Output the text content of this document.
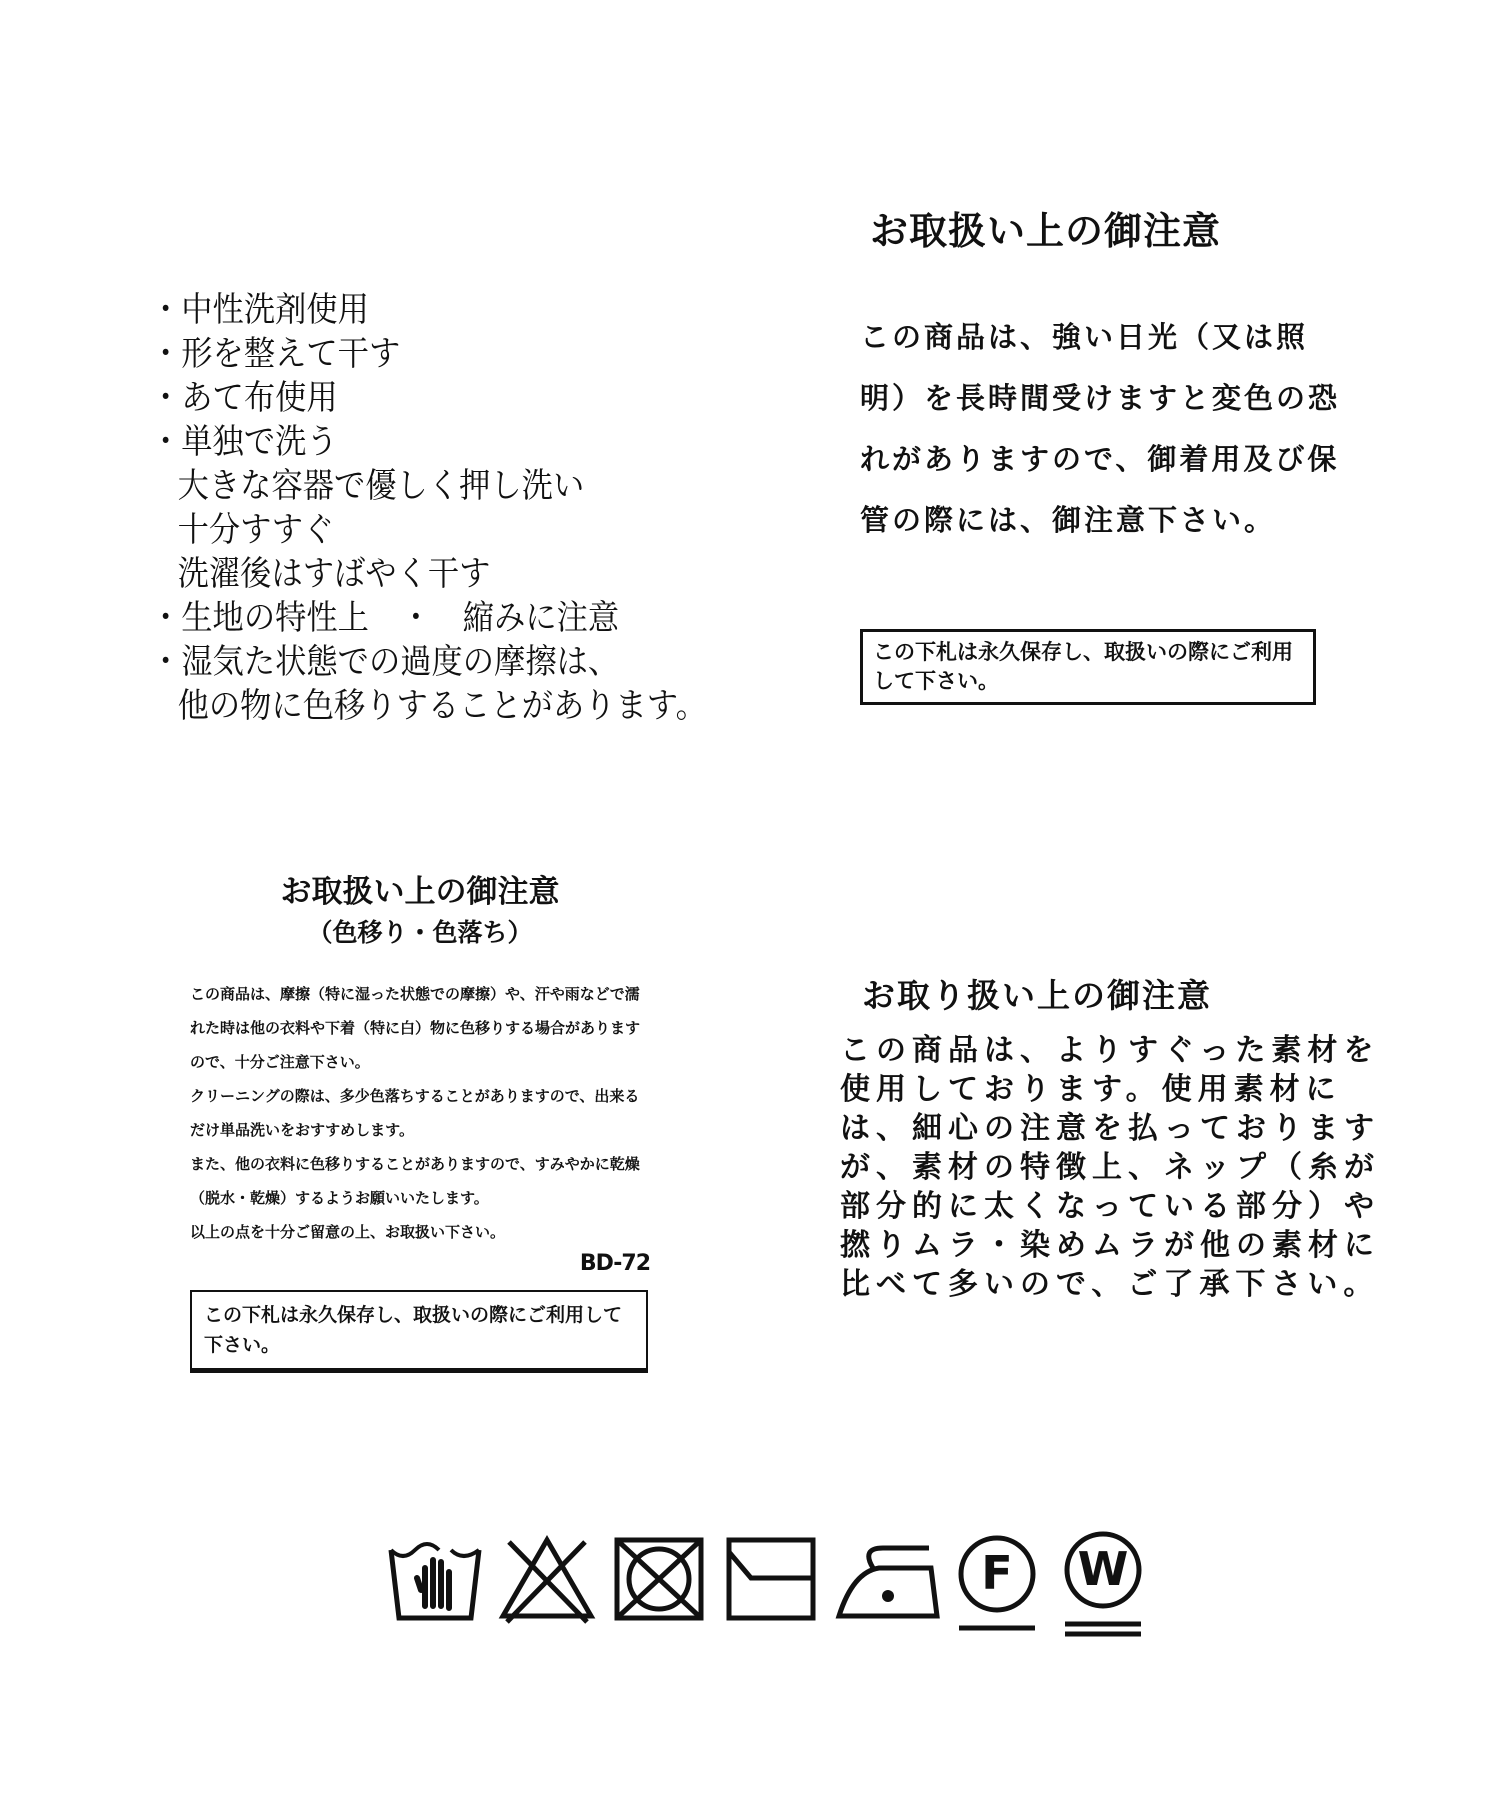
・中性洗剤使用
・形を整えて干す
・あて布使用
・単独で洗う
大きな容器で優しく押し洗い
十分すすぐ
洗濯後はすばやく干す
・生地の特性上　・　縮みに注意
・湿気た状態での過度の摩擦は、
他の物に色移りすることがあります。
お取扱い上の御注意
この商品は、強い日光（又は照明）を長時間受けますと変色の恐れがありますので、御着用及び保管の際には、御注意下さい。
この下札は永久保存し、取扱いの際にご利用して下さい。
お取扱い上の御注意
（色移り・色落ち）
この商品は、摩擦（特に湿った状態での摩擦）や、汗や雨などで濡れた時は他の衣料や下着（特に白）物に色移りする場合がありますので、十分ご注意下さい。
クリーニングの際は、多少色落ちすることがありますので、出来るだけ単品洗いをおすすめします。
また、他の衣料に色移りすることがありますので、すみやかに乾燥（脱水・乾燥）するようお願いいたします。
以上の点を十分ご留意の上、お取扱い下さい。
BD-72
この下札は永久保存し、取扱いの際にご利用して下さい。
お取り扱い上の御注意
この商品は、よりすぐった素材を使用しております。使用素材には、細心の注意を払っておりますが、素材の特徴上、ネップ（糸が部分的に太くなっている部分）や撚りムラ・染めムラが他の素材に比べて多いので、ご了承下さい。
F	W
